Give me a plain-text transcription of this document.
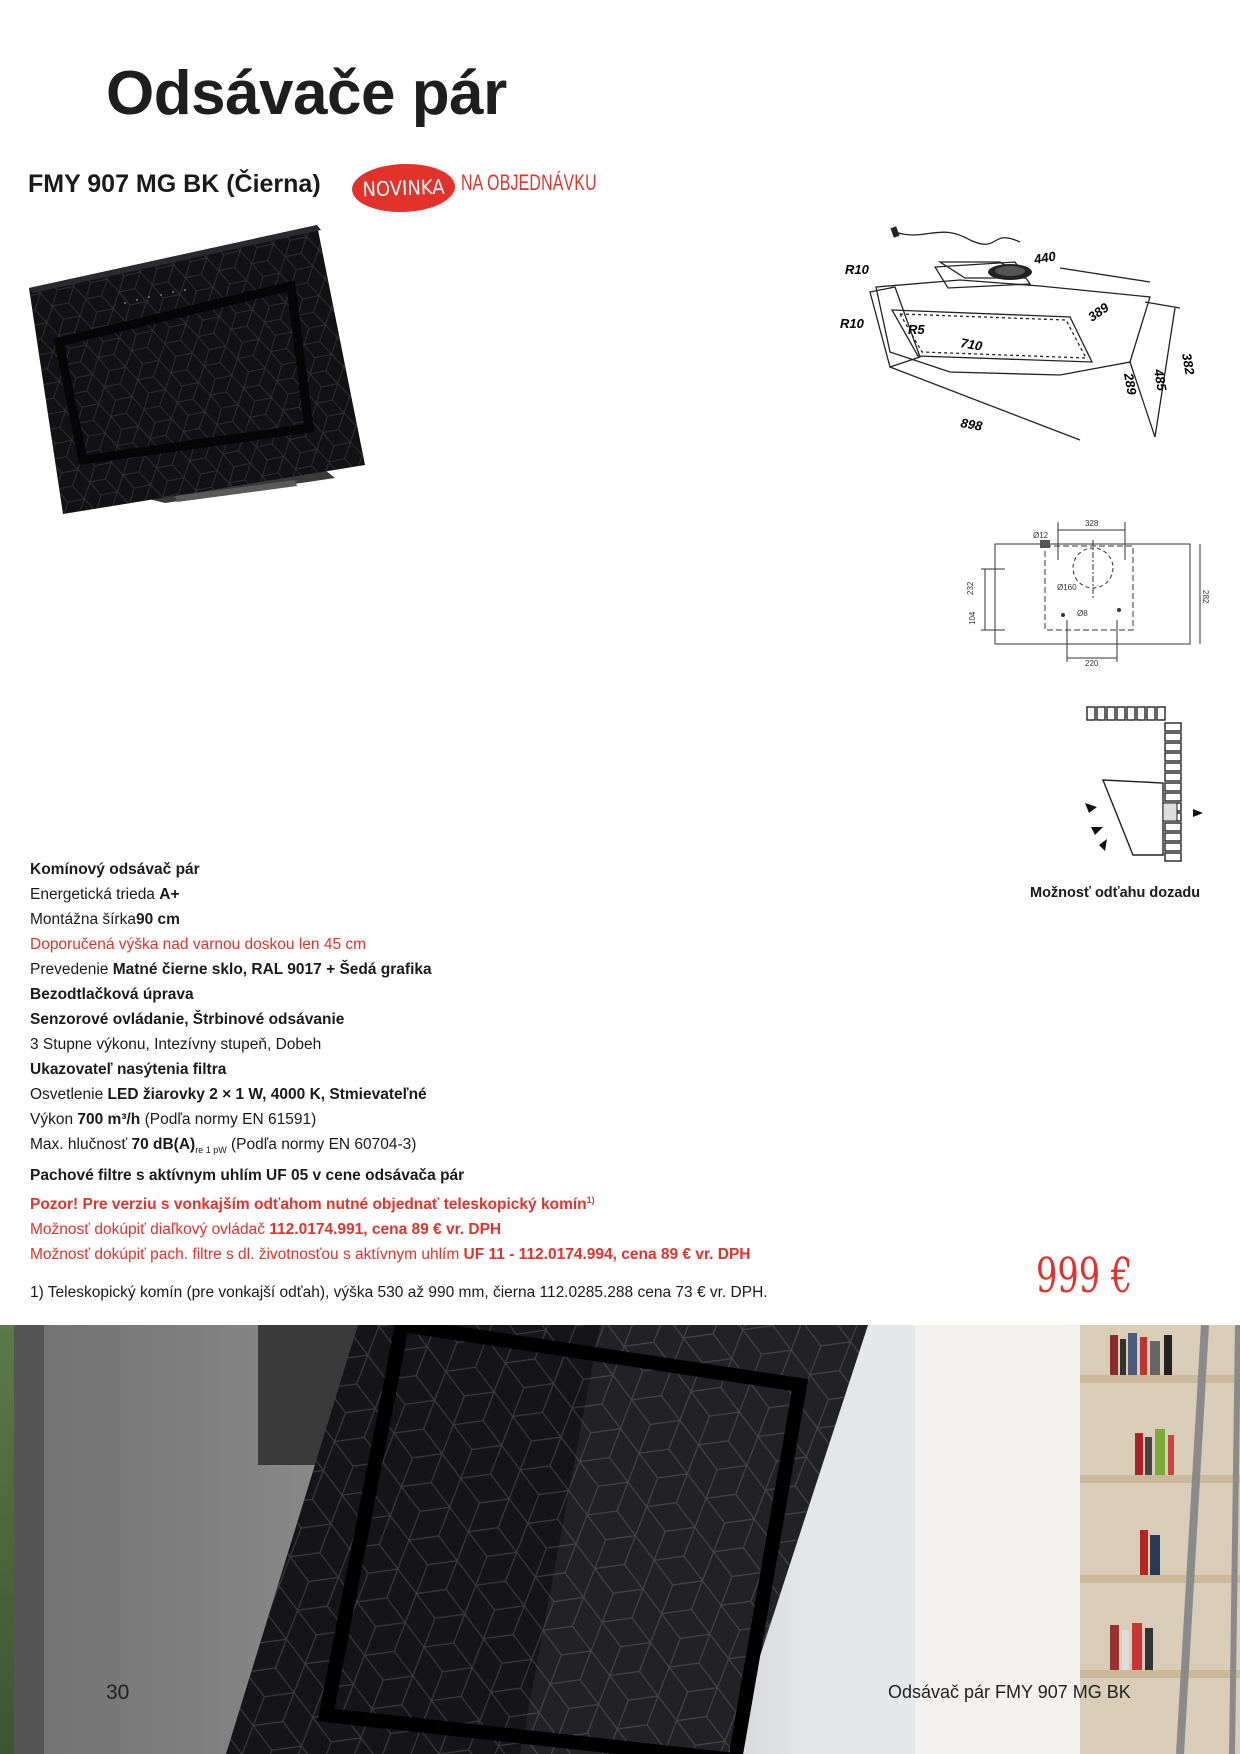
Odsávače pár
FMY 907 MG BK (Čierna)	NOVINKA NA OBJEDNÁVKU
R10
R10	R5
440
389
382
485
289
710
898
328
Ø12
Ø160
Ø8
232
104
282
220
Možnosť odťahu dozadu
Komínový odsávač pár
Energetická trieda A+
Montážna šírka90 cm
Doporučená výška nad varnou doskou len 45 cm
Prevedenie Matné čierne sklo, RAL 9017 + Šedá grafika
Bezodtlačková úprava
Senzorové ovládanie, Štrbinové odsávanie
3 Stupne výkonu, Intezívny stupeň, Dobeh
Ukazovateľ nasýtenia filtra
Osvetlenie LED žiarovky 2 × 1 W, 4000 K, Stmievateľné
Výkon 700 m³/h (Podľa normy EN 61591)
Max. hlučnosť 70 $dB(A)_{re 1 pW}$ (Podľa normy EN 60704-3)
Pachové filtre s aktívnym uhlím UF 05 v cene odsávača pár
Pozor! Pre verziu s vonkajším odťahom nutné objednať teleskopický komín$^{1)}$
Možnosť dokúpiť diaľkový ovládač 112.0174.991, cena 89 € vr. DPH
Možnosť dokúpiť pach. filtre s dl. životnosťou s aktívnym uhlím UF 11 - 112.0174.994, cena 89 € vr. DPH
1) Teleskopický komín (pre vonkajší odťah), výška 530 až 990 mm, čierna 112.0285.288 cena 73 € vr. DPH.	999 €
30	Odsávač pár FMY 907 MG BK
